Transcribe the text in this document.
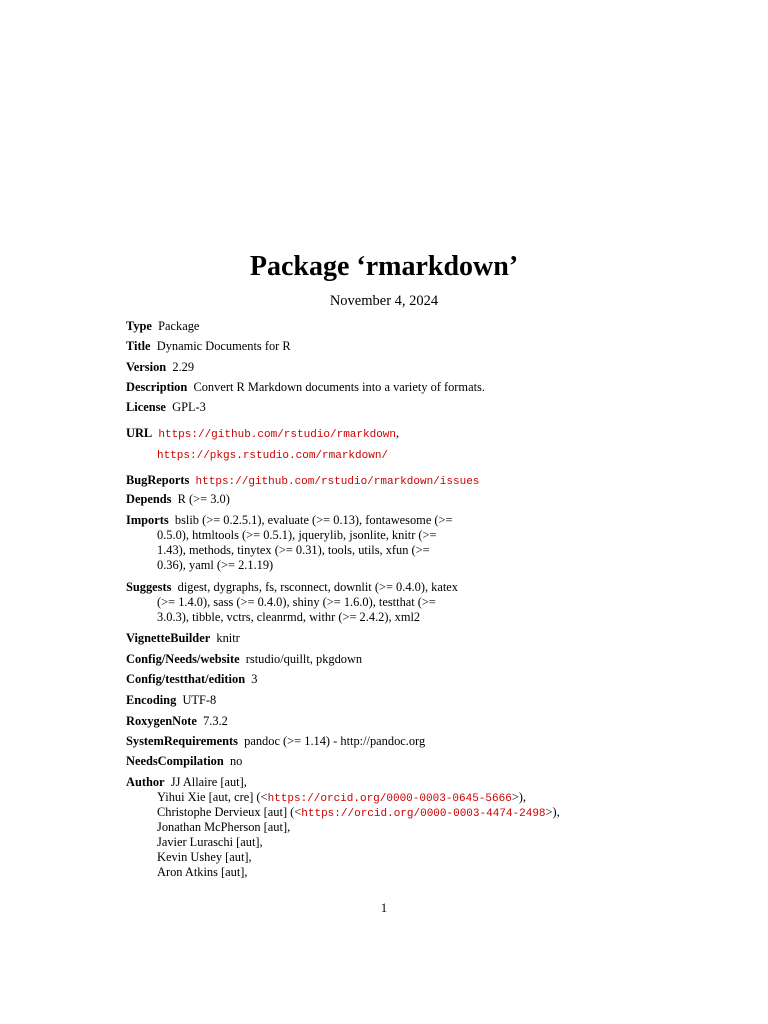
Package ‘rmarkdown’
November 4, 2024
Type Package
Title Dynamic Documents for R
Version 2.29
Description Convert R Markdown documents into a variety of formats.
License GPL-3
URL https://github.com/rstudio/rmarkdown,
https://pkgs.rstudio.com/rmarkdown/
BugReports https://github.com/rstudio/rmarkdown/issues
Depends R (>= 3.0)
Imports bslib (>= 0.2.5.1), evaluate (>= 0.13), fontawesome (>=
0.5.0), htmltools (>= 0.5.1), jquerylib, jsonlite, knitr (>=
1.43), methods, tinytex (>= 0.31), tools, utils, xfun (>=
0.36), yaml (>= 2.1.19)
Suggests digest, dygraphs, fs, rsconnect, downlit (>= 0.4.0), katex
(>= 1.4.0), sass (>= 0.4.0), shiny (>= 1.6.0), testthat (>=
3.0.3), tibble, vctrs, cleanrmd, withr (>= 2.4.2), xml2
VignetteBuilder knitr
Config/Needs/website rstudio/quillt, pkgdown
Config/testthat/edition 3
Encoding UTF-8
RoxygenNote 7.3.2
SystemRequirements pandoc (>= 1.14) - http://pandoc.org
NeedsCompilation no
Author JJ Allaire [aut],
Yihui Xie [aut, cre] (<https://orcid.org/0000-0003-0645-5666>),
Christophe Dervieux [aut] (<https://orcid.org/0000-0003-4474-2498>),
Jonathan McPherson [aut],
Javier Luraschi [aut],
Kevin Ushey [aut],
Aron Atkins [aut],
1
